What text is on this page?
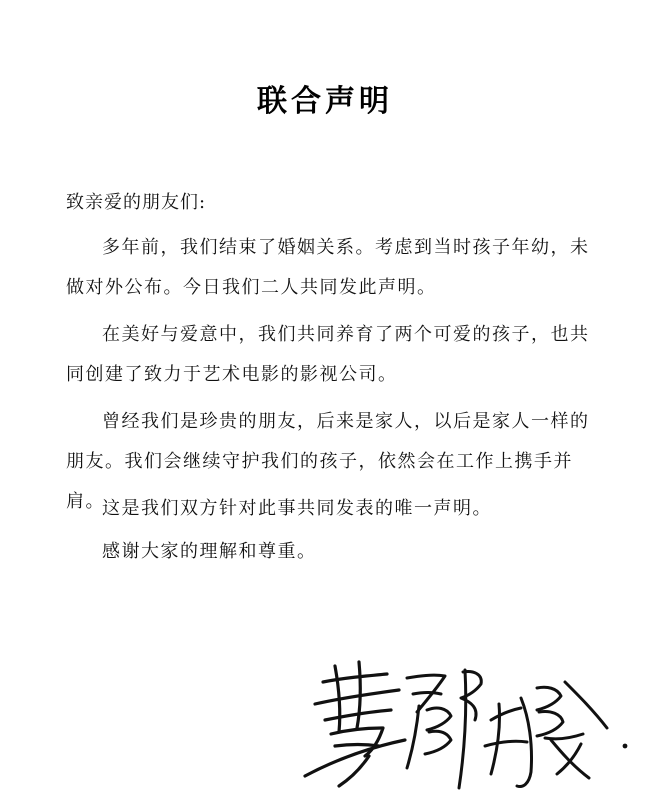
联合声明
致亲爱的朋友们:

多年前，我们结束了婚姻关系。考虑到当时孩子年幼，未做对外公布。今日我们二人共同发此声明。

在美好与爱意中，我们共同养育了两个可爱的孩子，也共同创建了致力于艺术电影的影视公司。

曾经我们是珍贵的朋友，后来是家人，以后是家人一样的朋友。我们会继续守护我们的孩子，依然会在工作上携手并肩。

这是我们双方针对此事共同发表的唯一声明。

感谢大家的理解和尊重。
